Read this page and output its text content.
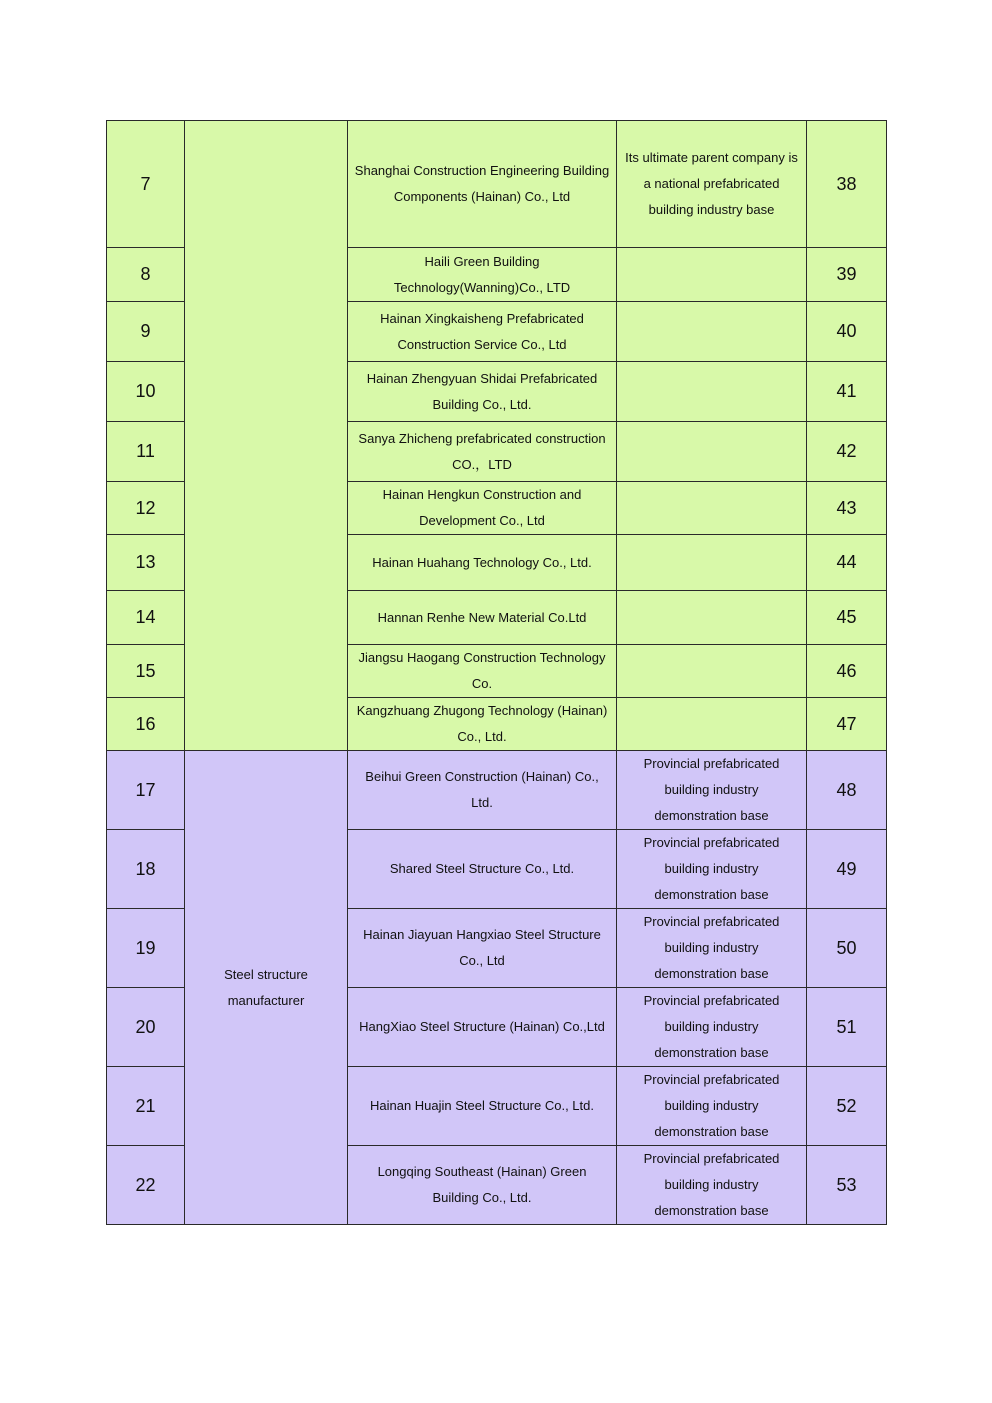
7		Shanghai Construction Engineering Building Components (Hainan) Co., Ltd	Its ultimate parent company is a national prefabricated building industry base	38
8		Haili Green Building Technology(Wanning)Co., LTD		39
9		Hainan Xingkaisheng Prefabricated Construction Service Co., Ltd		40
10		Hainan Zhengyuan Shidai Prefabricated Building Co., Ltd.		41
11		Sanya Zhicheng prefabricated construction CO.，LTD		42
12		Hainan Hengkun Construction and Development Co., Ltd		43
13		Hainan Huahang Technology Co., Ltd.		44
14		Hannan Renhe New Material Co.Ltd		45
15		Jiangsu Haogang Construction Technology Co.		46
16		Kangzhuang Zhugong Technology (Hainan) Co., Ltd.		47
17	Steel structure manufacturer	Beihui Green Construction (Hainan) Co., Ltd.	Provincial prefabricated building industry demonstration base	48
18		Shared Steel Structure Co., Ltd.	Provincial prefabricated building industry demonstration base	49
19		Hainan Jiayuan Hangxiao Steel Structure Co., Ltd	Provincial prefabricated building industry demonstration base	50
20		HangXiao Steel Structure (Hainan) Co.,Ltd	Provincial prefabricated building industry demonstration base	51
21		Hainan Huajin Steel Structure Co., Ltd.	Provincial prefabricated building industry demonstration base	52
22		Longqing Southeast (Hainan) Green Building Co., Ltd.	Provincial prefabricated building industry demonstration base	53
